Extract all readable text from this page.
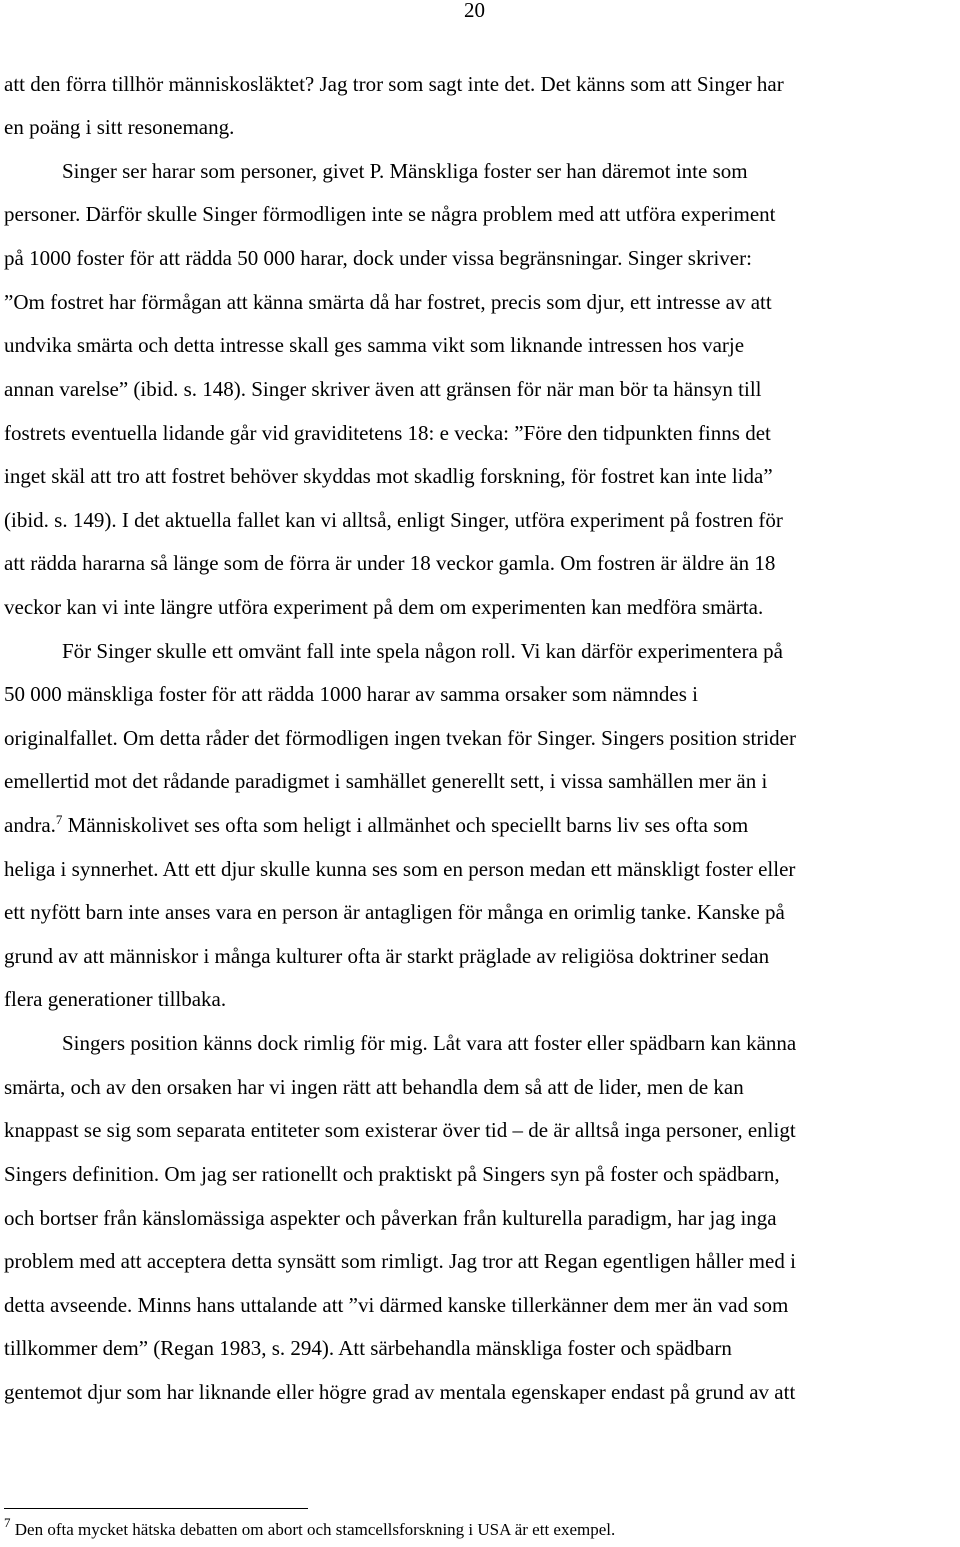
20
att den förra tillhör människosläktet? Jag tror som sagt inte det. Det känns som att Singer har
en poäng i sitt resonemang.
Singer ser harar som personer, givet P. Mänskliga foster ser han däremot inte som
personer. Därför skulle Singer förmodligen inte se några problem med att utföra experiment
på 1000 foster för att rädda 50 000 harar, dock under vissa begränsningar. Singer skriver:
”Om fostret har förmågan att känna smärta då har fostret, precis som djur, ett intresse av att
undvika smärta och detta intresse skall ges samma vikt som liknande intressen hos varje
annan varelse” (ibid. s. 148). Singer skriver även att gränsen för när man bör ta hänsyn till
fostrets eventuella lidande går vid graviditetens 18: e vecka: ”Före den tidpunkten finns det
inget skäl att tro att fostret behöver skyddas mot skadlig forskning, för fostret kan inte lida”
(ibid. s. 149). I det aktuella fallet kan vi alltså, enligt Singer, utföra experiment på fostren för
att rädda hararna så länge som de förra är under 18 veckor gamla. Om fostren är äldre än 18
veckor kan vi inte längre utföra experiment på dem om experimenten kan medföra smärta.
För Singer skulle ett omvänt fall inte spela någon roll. Vi kan därför experimentera på
50 000 mänskliga foster för att rädda 1000 harar av samma orsaker som nämndes i
originalfallet. Om detta råder det förmodligen ingen tvekan för Singer. Singers position strider
emellertid mot det rådande paradigmet i samhället generellt sett, i vissa samhällen mer än i
andra.$^7$ Människolivet ses ofta som heligt i allmänhet och speciellt barns liv ses ofta som
heliga i synnerhet. Att ett djur skulle kunna ses som en person medan ett mänskligt foster eller
ett nyfött barn inte anses vara en person är antagligen för många en orimlig tanke. Kanske på
grund av att människor i många kulturer ofta är starkt präglade av religiösa doktriner sedan
flera generationer tillbaka.
Singers position känns dock rimlig för mig. Låt vara att foster eller spädbarn kan känna
smärta, och av den orsaken har vi ingen rätt att behandla dem så att de lider, men de kan
knappast se sig som separata entiteter som existerar över tid – de är alltså inga personer, enligt
Singers definition. Om jag ser rationellt och praktiskt på Singers syn på foster och spädbarn,
och bortser från känslomässiga aspekter och påverkan från kulturella paradigm, har jag inga
problem med att acceptera detta synsätt som rimligt. Jag tror att Regan egentligen håller med i
detta avseende. Minns hans uttalande att ”vi därmed kanske tillerkänner dem mer än vad som
tillkommer dem” (Regan 1983, s. 294). Att särbehandla mänskliga foster och spädbarn
gentemot djur som har liknande eller högre grad av mentala egenskaper endast på grund av att
$^7$ Den ofta mycket hätska debatten om abort och stamcellsforskning i USA är ett exempel.
